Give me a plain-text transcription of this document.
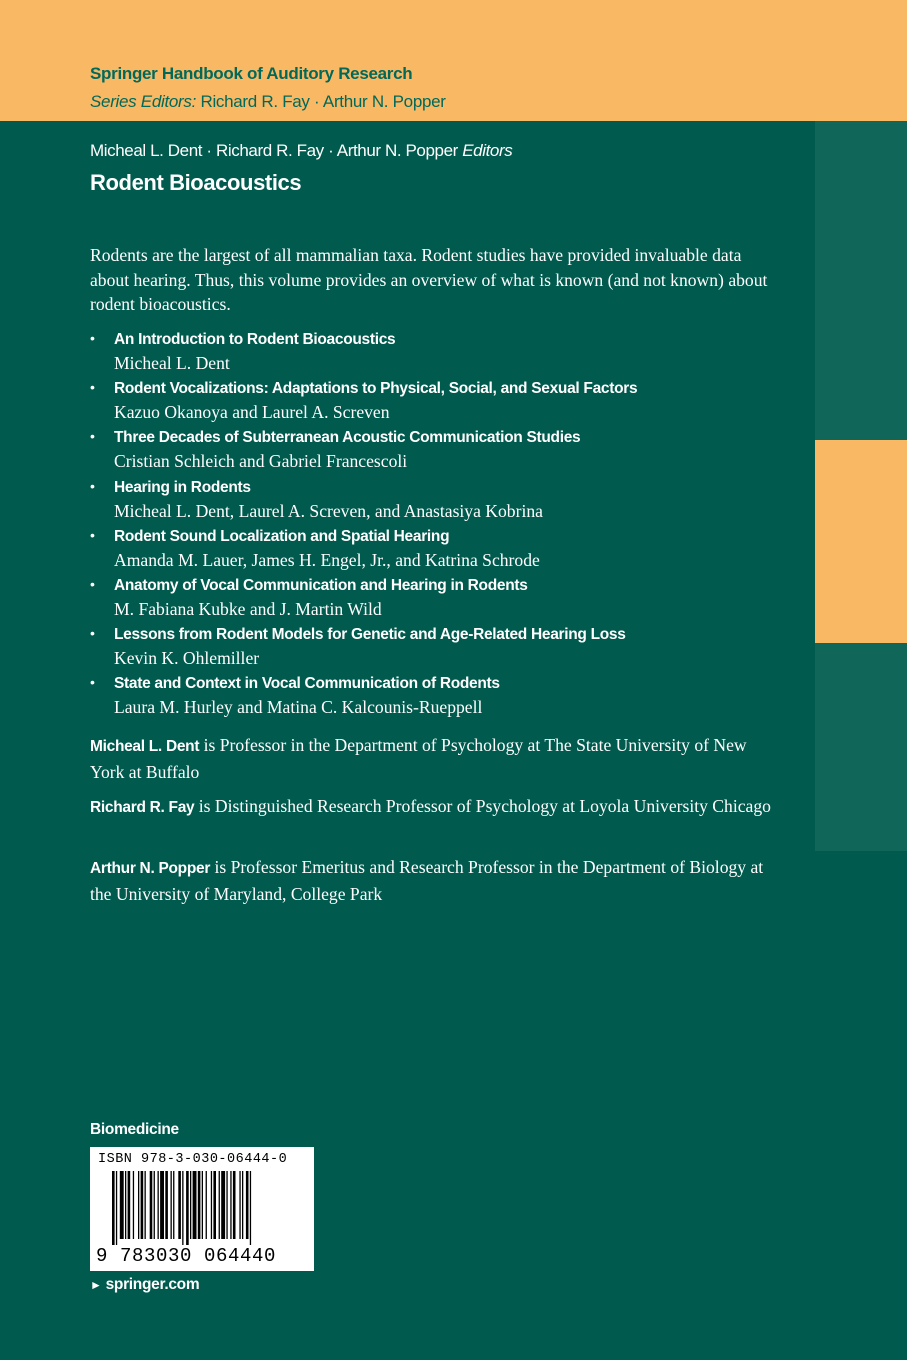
Springer Handbook of Auditory Research
Series Editors: Richard R. Fay · Arthur N. Popper
Micheal L. Dent · Richard R. Fay · Arthur N. Popper Editors
Rodent Bioacoustics

Rodents are the largest of all mammalian taxa. Rodent studies have provided invaluable data about hearing. Thus, this volume provides an overview of what is known (and not known) about rodent bioacoustics.

• An Introduction to Rodent Bioacoustics
Micheal L. Dent
• Rodent Vocalizations: Adaptations to Physical, Social, and Sexual Factors
Kazuo Okanoya and Laurel A. Screven
• Three Decades of Subterranean Acoustic Communication Studies
Cristian Schleich and Gabriel Francescoli
• Hearing in Rodents
Micheal L. Dent, Laurel A. Screven, and Anastasiya Kobrina
• Rodent Sound Localization and Spatial Hearing
Amanda M. Lauer, James H. Engel, Jr., and Katrina Schrode
• Anatomy of Vocal Communication and Hearing in Rodents
M. Fabiana Kubke and J. Martin Wild
• Lessons from Rodent Models for Genetic and Age-Related Hearing Loss
Kevin K. Ohlemiller
• State and Context in Vocal Communication of Rodents
Laura M. Hurley and Matina C. Kalcounis-Rueppell

Micheal L. Dent is Professor in the Department of Psychology at The State University of New York at Buffalo

Richard R. Fay is Distinguished Research Professor of Psychology at Loyola University Chicago

Arthur N. Popper is Professor Emeritus and Research Professor in the Department of Biology at the University of Maryland, College Park

Biomedicine
ISBN 978-3-030-06444-0
9 783030 064440
► springer.com
